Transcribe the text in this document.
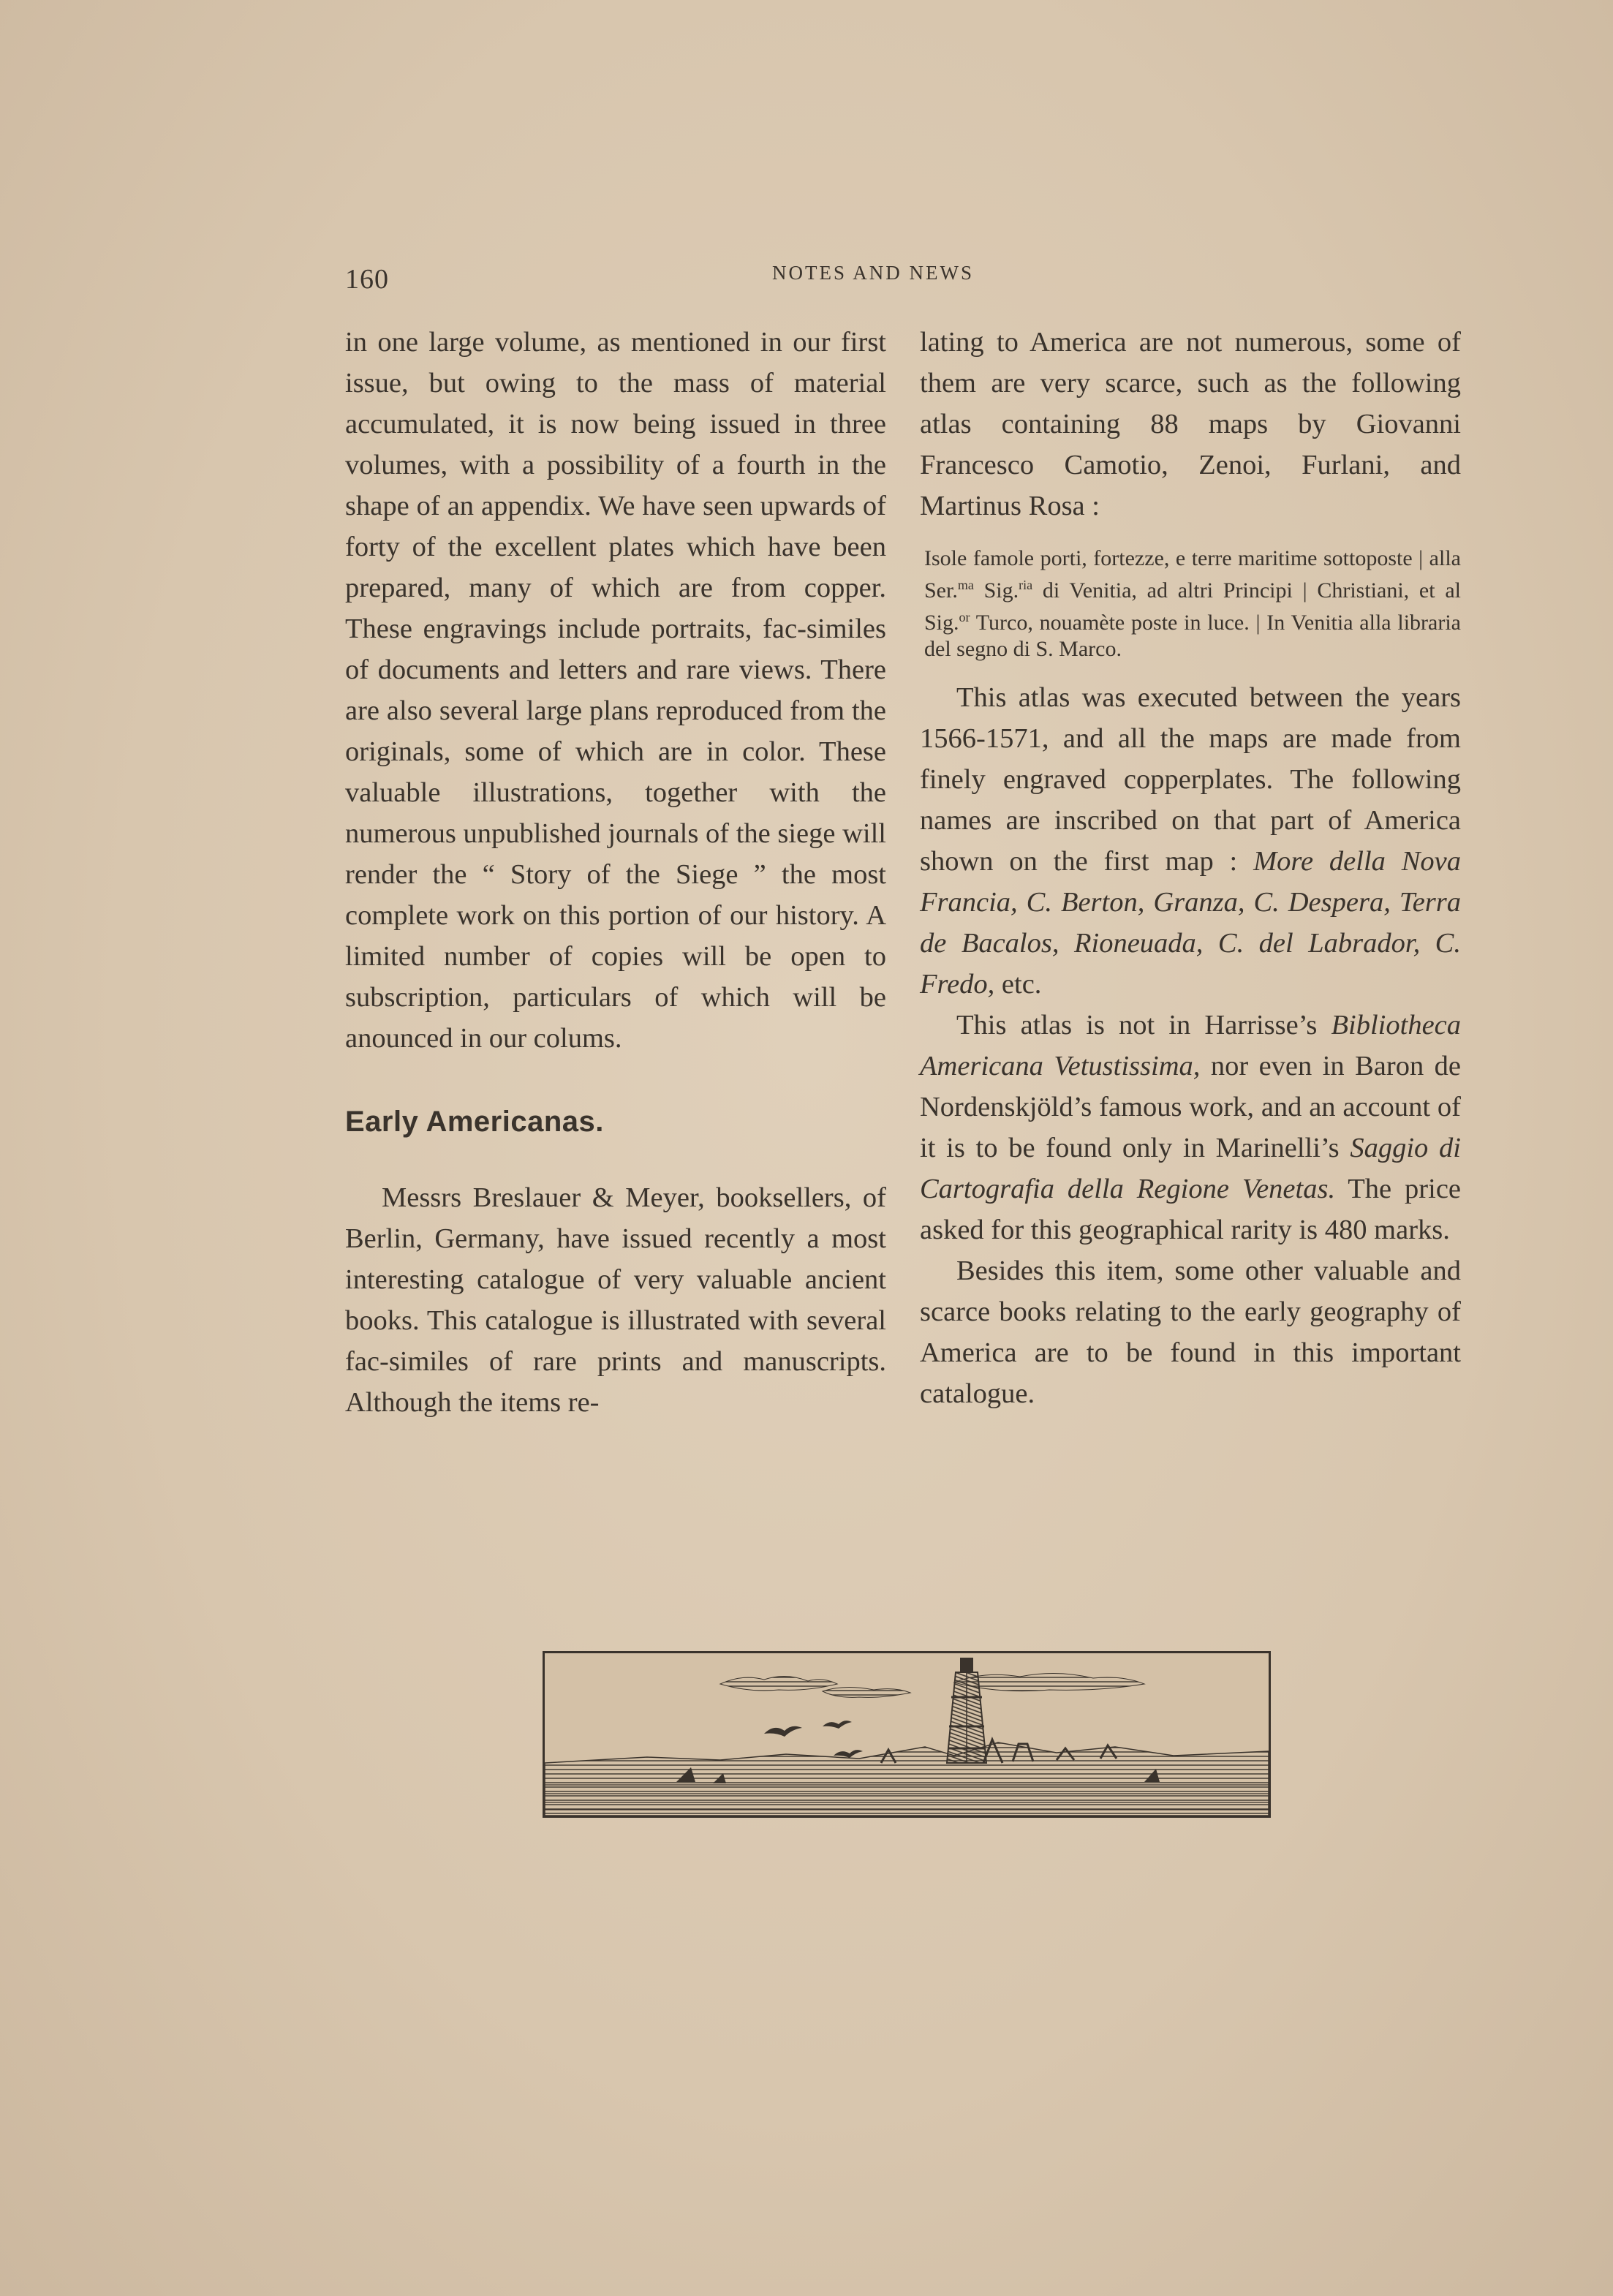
160	NOTES AND NEWS

in one large volume, as mentioned in our first issue, but owing to the mass of material accumulated, it is now being issued in three volumes, with a possibility of a fourth in the shape of an appendix. We have seen upwards of forty of the excellent plates which have been prepared, many of which are from copper. These engravings include portraits, fac-similes of documents and letters and rare views. There are also several large plans reproduced from the originals, some of which are in color. These valuable illustrations, together with the numerous unpublished journals of the siege will render the “ Story of the Siege ” the most complete work on this portion of our history. A limited number of copies will be open to subscription, particulars of which will be anounced in our colums.

Early Americanas.

Messrs Breslauer & Meyer, booksellers, of Berlin, Germany, have issued recently a most interesting catalogue of very valuable ancient books. This catalogue is illustrated with several fac-similes of rare prints and manuscripts. Although the items re-

lating to America are not numerous, some of them are very scarce, such as the following atlas containing 88 maps by Giovanni Francesco Camotio, Zenoi, Furlani, and Martinus Rosa :

Isole famole porti, fortezze, e terre maritime sottoposte | alla Ser.$^{ma}$ Sig.$^{ria}$ di Venitia, ad altri Principi | Christiani, et al Sig.$^{or}$ Turco, nouamète poste in luce. | In Venitia alla libraria del segno di S. Marco.

This atlas was executed between the years 1566-1571, and all the maps are made from finely engraved copperplates. The following names are inscribed on that part of America shown on the first map : More della Nova Francia, C. Berton, Granza, C. Despera, Terra de Bacalos, Rioneuada, C. del Labrador, C. Fredo, etc.

This atlas is not in Harrisse’s Bibliotheca Americana Vetustissima, nor even in Baron de Nordenskjöld’s famous work, and an account of it is to be found only in Marinelli’s Saggio di Cartografia della Regione Venetas. The price asked for this geographical rarity is 480 marks.

Besides this item, some other valuable and scarce books relating to the early geography of America are to be found in this important catalogue.
